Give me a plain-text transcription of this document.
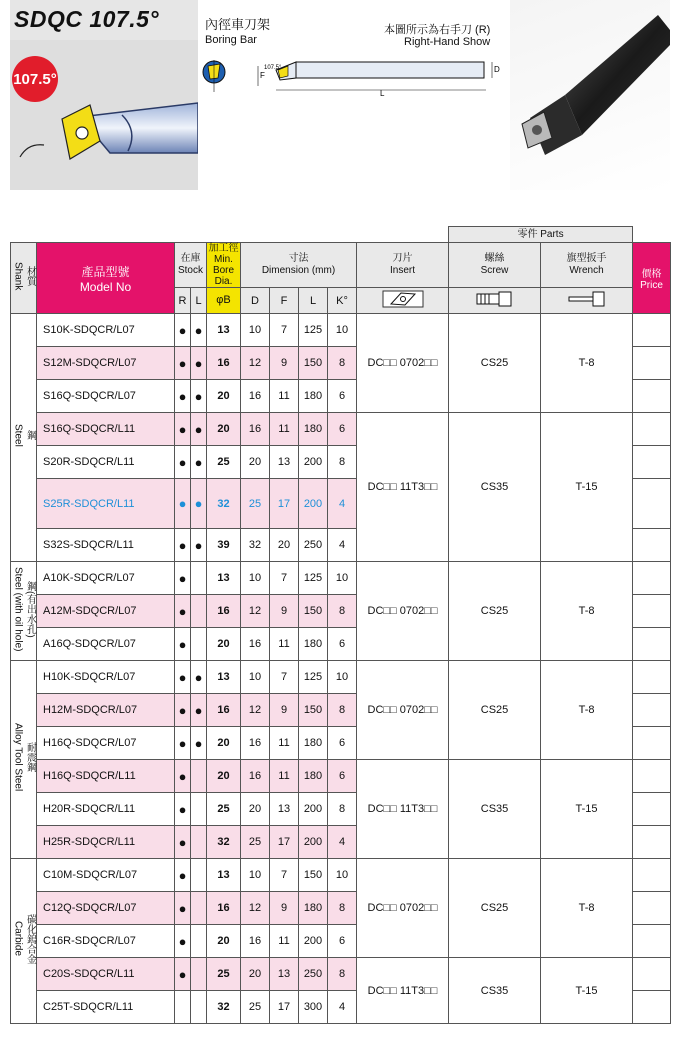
SDQC 107.5°
107.5°
內徑車刀架
Boring Bar
本圖所示為右手刀 (R)
Right-Hand Show
F
107.5°
L
D
										零件 Parts		
材質
Shank	產品型號
Model No	在庫
Stock		加工徑
Min. Bore
Dia.	寸法
Dimension (mm)				刀片
Insert	螺絲
Screw	旗型扳手
Wrench	價格
Price
		R	L	φB	D	F	L	K°			
鋼
Steel	S10K-SDQCR/L07	●	●	13	10	7	125	10	DC□□ 0702□□	CS25	T-8	
	S12M-SDQCR/L07	●	●	16	12	9	150	8				
	S16Q-SDQCR/L07	●	●	20	16	11	180	6				
	S16Q-SDQCR/L11	●	●	20	16	11	180	6	DC□□ 11T3□□	CS35	T-15	
	S20R-SDQCR/L11	●	●	25	20	13	200	8				
	S25R-SDQCR/L11	●	●	32	25	17	200	4				
	S32S-SDQCR/L11	●	●	39	32	20	250	4				
鋼(有出水孔)
Steel (with oil hole)	A10K-SDQCR/L07	●		13	10	7	125	10	DC□□ 0702□□	CS25	T-8	
	A12M-SDQCR/L07	●		16	12	9	150	8				
	A16Q-SDQCR/L07	●		20	16	11	180	6				
耐震鋼
Alloy Tool Steel	H10K-SDQCR/L07	●	●	13	10	7	125	10	DC□□ 0702□□	CS25	T-8	
	H12M-SDQCR/L07	●	●	16	12	9	150	8				
	H16Q-SDQCR/L07	●	●	20	16	11	180	6				
	H16Q-SDQCR/L11	●		20	16	11	180	6	DC□□ 11T3□□	CS35	T-15	
	H20R-SDQCR/L11	●		25	20	13	200	8				
	H25R-SDQCR/L11	●		32	25	17	200	4				
碳化鎢合金
Carbide	C10M-SDQCR/L07	●		13	10	7	150	10	DC□□ 0702□□	CS25	T-8	
	C12Q-SDQCR/L07	●		16	12	9	180	8				
	C16R-SDQCR/L07	●		20	16	11	200	6				
	C20S-SDQCR/L11	●		25	20	13	250	8	DC□□ 11T3□□	CS35	T-15	
	C25T-SDQCR/L11			32	25	17	300	4				
